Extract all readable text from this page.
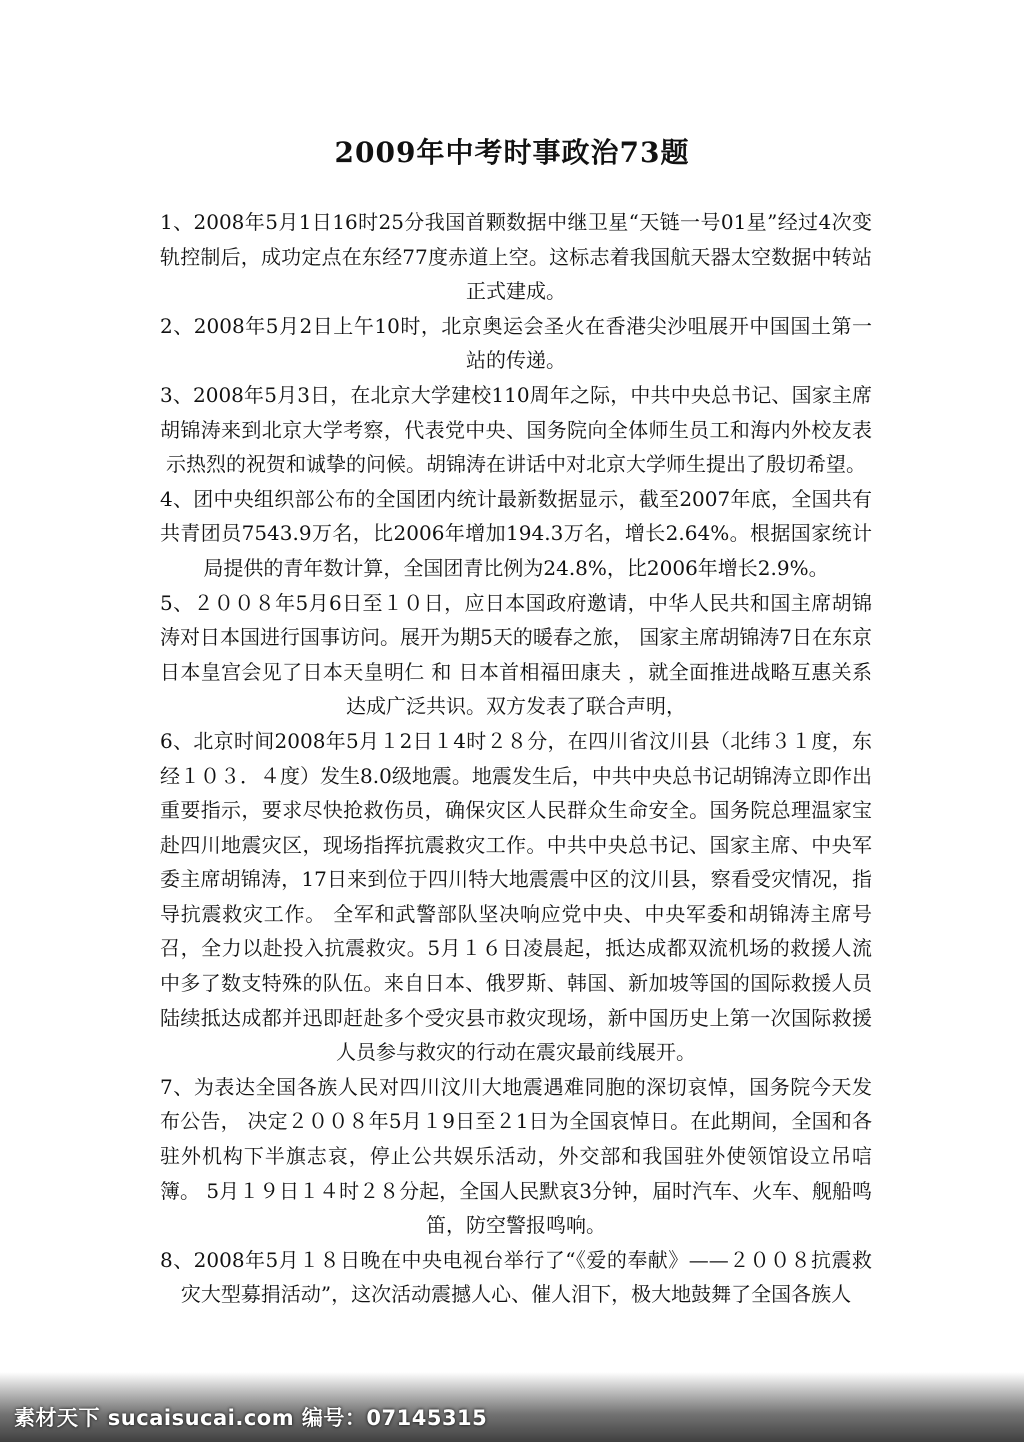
2009年中考时事政治73题

1、2008年5月1日16时25分我国首颗数据中继卫星“天链一号01星”经过4次变轨控制后，成功定点在东经77度赤道上空。这标志着我国航天器太空数据中转站正式建成。

2、2008年5月2日上午10时，北京奥运会圣火在香港尖沙咀展开中国国土第一站的传递。

3、2008年5月3日，在北京大学建校110周年之际，中共中央总书记、国家主席胡锦涛来到北京大学考察，代表党中央、国务院向全体师生员工和海内外校友表示热烈的祝贺和诚挚的问候。胡锦涛在讲话中对北京大学师生提出了殷切希望。

4、团中央组织部公布的全国团内统计最新数据显示，截至2007年底，全国共有共青团员7543.9万名，比2006年增加194.3万名，增长2.64%。根据国家统计局提供的青年数计算，全国团青比例为24.8%，比2006年增长2.9%。

5、２００８年5月6日至１０日，应日本国政府邀请，中华人民共和国主席胡锦涛对日本国进行国事访问。展开为期5天的暖春之旅， 国家主席胡锦涛7日在东京日本皇宫会见了日本天皇明仁 和 日本首相福田康夫 ，就全面推进战略互惠关系达成广泛共识。双方发表了联合声明，

6、北京时间2008年5月１2日１4时２８分，在四川省汶川县（北纬３１度，东经１０３．４度）发生8.0级地震。地震发生后，中共中央总书记胡锦涛立即作出重要指示，要求尽快抢救伤员，确保灾区人民群众生命安全。国务院总理温家宝赴四川地震灾区，现场指挥抗震救灾工作。中共中央总书记、国家主席、中央军委主席胡锦涛，17日来到位于四川特大地震震中区的汶川县，察看受灾情况，指导抗震救灾工作。 全军和武警部队坚决响应党中央、中央军委和胡锦涛主席号召，全力以赴投入抗震救灾。5月１６日凌晨起，抵达成都双流机场的救援人流中多了数支特殊的队伍。来自日本、俄罗斯、韩国、新加坡等国的国际救援人员陆续抵达成都并迅即赶赴多个受灾县市救灾现场，新中国历史上第一次国际救援人员参与救灾的行动在震灾最前线展开。

7、为表达全国各族人民对四川汶川大地震遇难同胞的深切哀悼，国务院今天发布公告， 决定２００８年5月１9日至２1日为全国哀悼日。在此期间，全国和各驻外机构下半旗志哀，停止公共娱乐活动，外交部和我国驻外使领馆设立吊唁簿。 5月１９日１４时２８分起，全国人民默哀3分钟，届时汽车、火车、舰船鸣笛，防空警报鸣响。

8、2008年5月１８日晚在中央电视台举行了“《爱的奉献》——２００８抗震救灾大型募捐活动”，这次活动震撼人心、催人泪下，极大地鼓舞了全国各族人

素材天下 sucaisucai.com 编号：07145315
